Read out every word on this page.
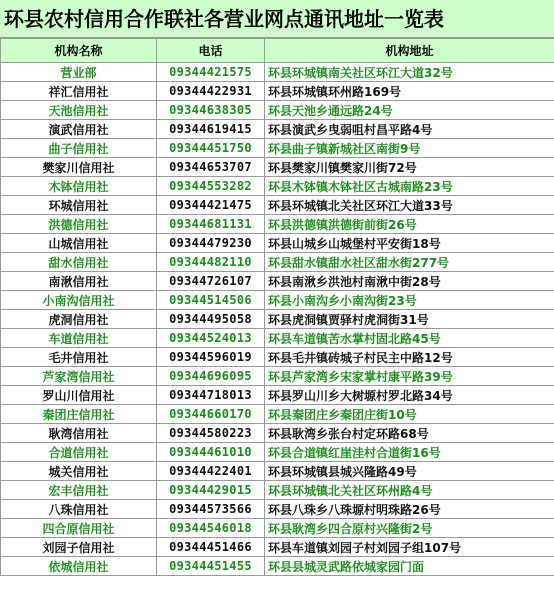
环县农村信用合作联社各营业网点通讯地址一览表
机构名称	电话	机构地址
营业部	09344421575	环县环城镇南关社区环江大道32号
祥汇信用社	09344422931	环县环城镇环州路169号
天池信用社	09344638305	环县天池乡通远路24号
演武信用社	09344619415	环县演武乡曳弱咀村昌平路4号
曲子信用社	09344451750	环县曲子镇新城社区南街9号
樊家川信用社	09344653707	环县樊家川镇樊家川街72号
木钵信用社	09344553282	环县木钵镇木钵社区古城南路23号
环城信用社	09344421475	环县环城镇北关社区环江大道33号
洪德信用社	09344681131	环县洪德镇洪德街前街26号
山城信用社	09344479230	环县山城乡山城堡村平安街18号
甜水信用社	09344482110	环县甜水镇甜水社区甜水街277号
南湫信用社	09344726107	环县南湫乡洪池村南湫中街28号
小南沟信用社	09344514506	环县小南沟乡小南沟街23号
虎洞信用社	09344495058	环县虎洞镇贾驿村虎洞街31号
车道信用社	09344524013	环县车道镇苦水掌村固北路45号
毛井信用社	09344596019	环县毛井镇砖城子村民主中路12号
芦家湾信用社	09344696095	环县芦家湾乡宋家掌村康平路39号
罗山川信用社	09344718013	环县罗山川乡大树塬村罗北路34号
秦团庄信用社	09344660170	环县秦团庄乡秦团庄街10号
耿湾信用社	09344580223	环县耿湾乡张台村定环路68号
合道信用社	09344461010	环县合道镇红崖洼村合道街16号
城关信用社	09344422401	环县环城镇县城兴隆路49号
宏丰信用社	09344429015	环县环城镇北关社区环州路4号
八珠信用社	09344573566	环县八珠乡八珠塬村明珠路26号
四合原信用社	09344546018	环县耿湾乡四合原村兴隆街2号
刘园子信用社	09344451466	环县车道镇刘园子村刘园子组107号
依城信用社	09344451455	环县县城灵武路依城家园门面
